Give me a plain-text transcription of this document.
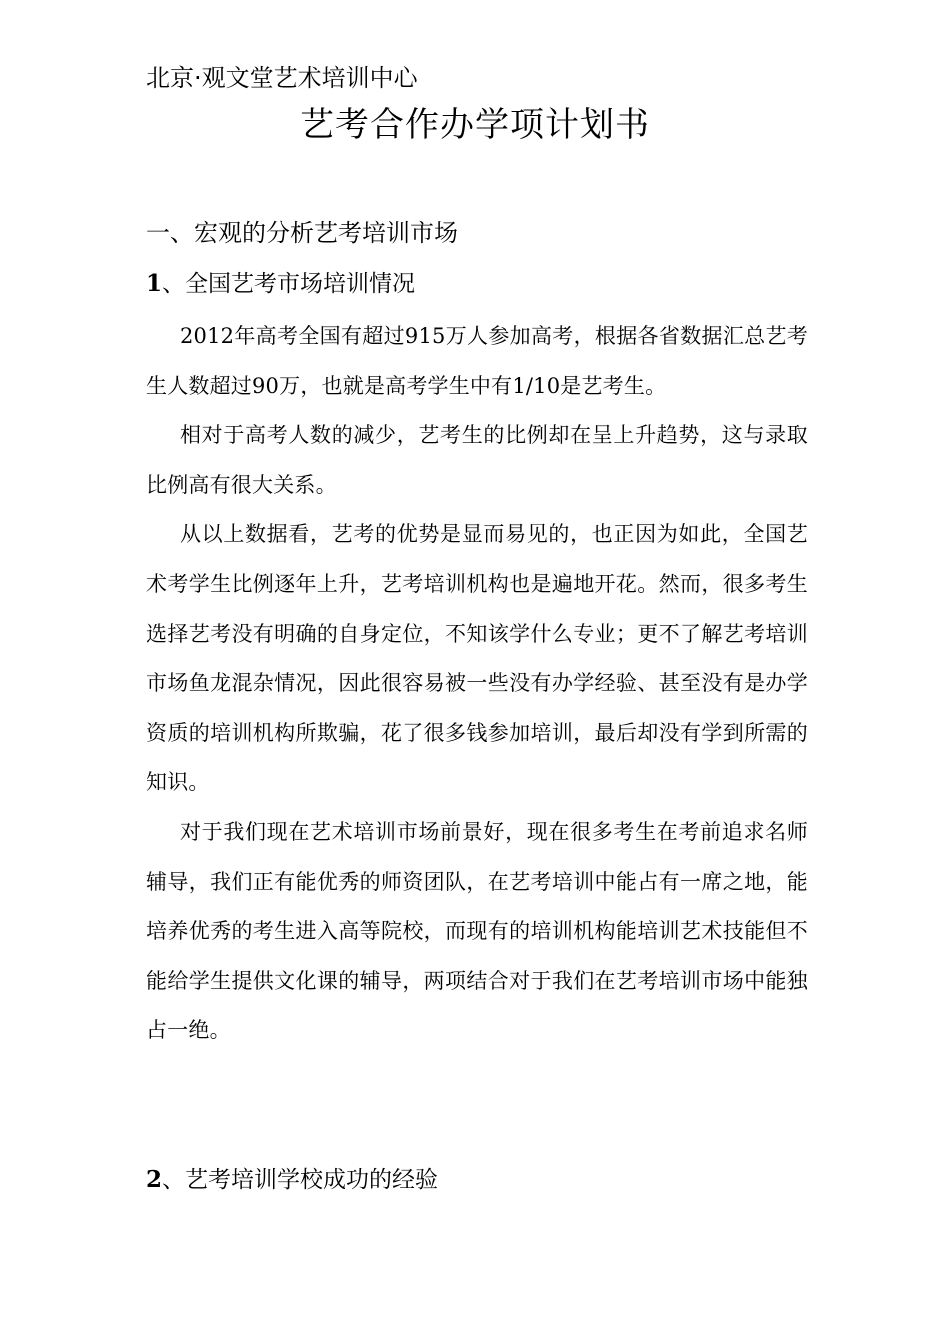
北京·观文堂艺术培训中心
艺考合作办学项计划书
一、宏观的分析艺考培训市场
1、全国艺考市场培训情况

2012年高考全国有超过915万人参加高考，根据各省数据汇总艺考生人数超过90万，也就是高考学生中有1/10是艺考生。

相对于高考人数的减少，艺考生的比例却在呈上升趋势，这与录取比例高有很大关系。

从以上数据看，艺考的优势是显而易见的，也正因为如此，全国艺术考学生比例逐年上升，艺考培训机构也是遍地开花。然而，很多考生选择艺考没有明确的自身定位，不知该学什么专业；更不了解艺考培训市场鱼龙混杂情况，因此很容易被一些没有办学经验、甚至没有是办学资质的培训机构所欺骗，花了很多钱参加培训，最后却没有学到所需的知识。

对于我们现在艺术培训市场前景好，现在很多考生在考前追求名师辅导，我们正有能优秀的师资团队，在艺考培训中能占有一席之地，能培养优秀的考生进入高等院校，而现有的培训机构能培训艺术技能但不能给学生提供文化课的辅导，两项结合对于我们在艺考培训市场中能独占一绝。

2、艺考培训学校成功的经验
